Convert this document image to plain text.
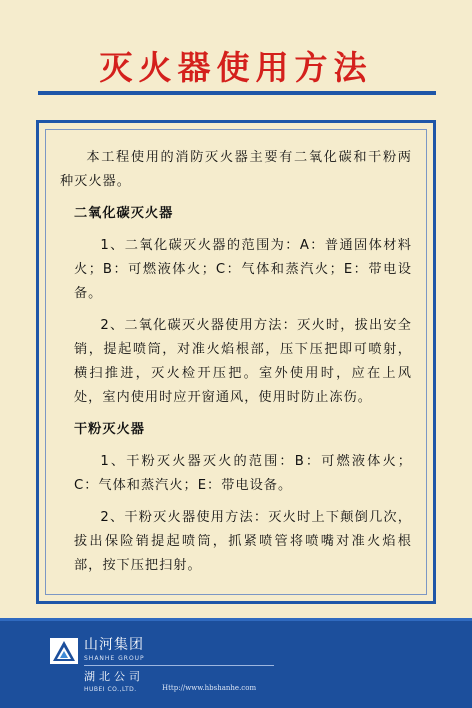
灭火器使用方法

本工程使用的消防灭火器主要有二氧化碳和干粉两种灭火器。

二氧化碳灭火器

1、二氧化碳灭火器的范围为：A：普通固体材料火；B：可燃液体火；C：气体和蒸汽火；E：带电设备。

2、二氧化碳灭火器使用方法：灭火时，拔出安全销，提起喷筒，对准火焰根部，压下压把即可喷射，横扫推进，灭火检开压把。室外使用时，应在上风处，室内使用时应开窗通风，使用时防止冻伤。

干粉灭火器

1、干粉灭火器灭火的范围：B：可燃液体火；C：气体和蒸汽火；E：带电设备。

2、干粉灭火器使用方法：灭火时上下颠倒几次，拔出保险销提起喷筒，抓紧喷管将喷嘴对准火焰根部，按下压把扫射。

山河集团
SHANHE GROUP
湖北公司
HUBEI CO.,LTD.	Http://www.hbshanhe.com
